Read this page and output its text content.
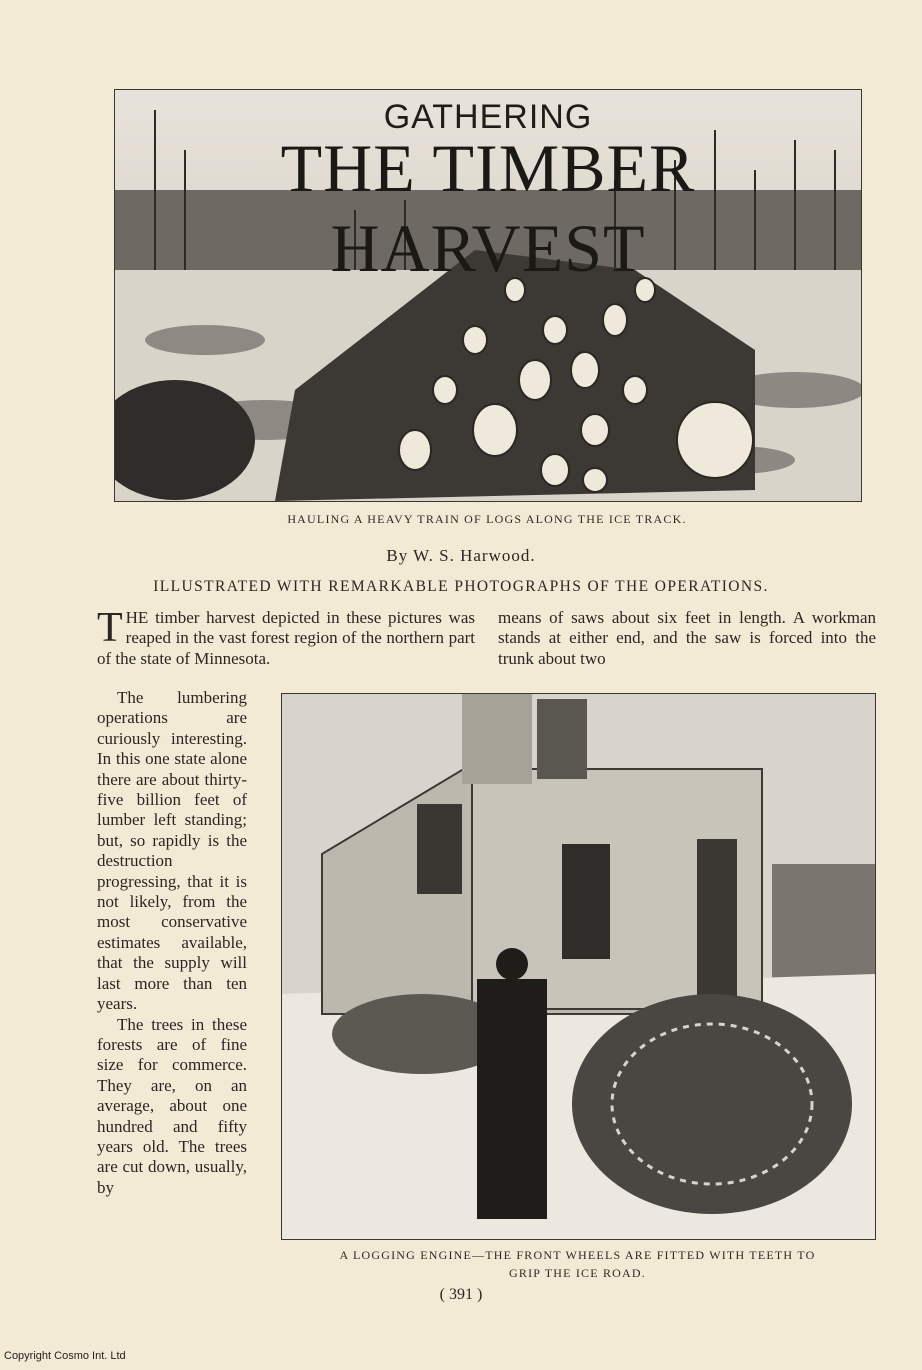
GATHERING

THE TIMBER HARVEST

HAULING A HEAVY TRAIN OF LOGS ALONG THE ICE TRACK.

By W. S. Harwood.

ILLUSTRATED WITH REMARKABLE PHOTOGRAPHS OF THE OPERATIONS.

T HE timber harvest depicted in these pictures was reaped in the vast forest region of the northern part of the state of Minnesota.
means of saws about six feet in length. A workman stands at either end, and the saw is forced into the trunk about two
The lumbering operations are curiously interesting. In this one state alone there are about thirty-five billion feet of lumber left standing; but, so rapidly is the destruction progressing, that it is not likely, from the most conservative estimates available, that the supply will last more than ten years.
The trees in these forests are of fine size for commerce. They are, on an average, about one hundred and fifty years old. The trees are cut down, usually, by

A LOGGING ENGINE—THE FRONT WHEELS ARE FITTED WITH TEETH TO

GRIP THE ICE ROAD.

( 391 )

Copyright Cosmo Int. Ltd
